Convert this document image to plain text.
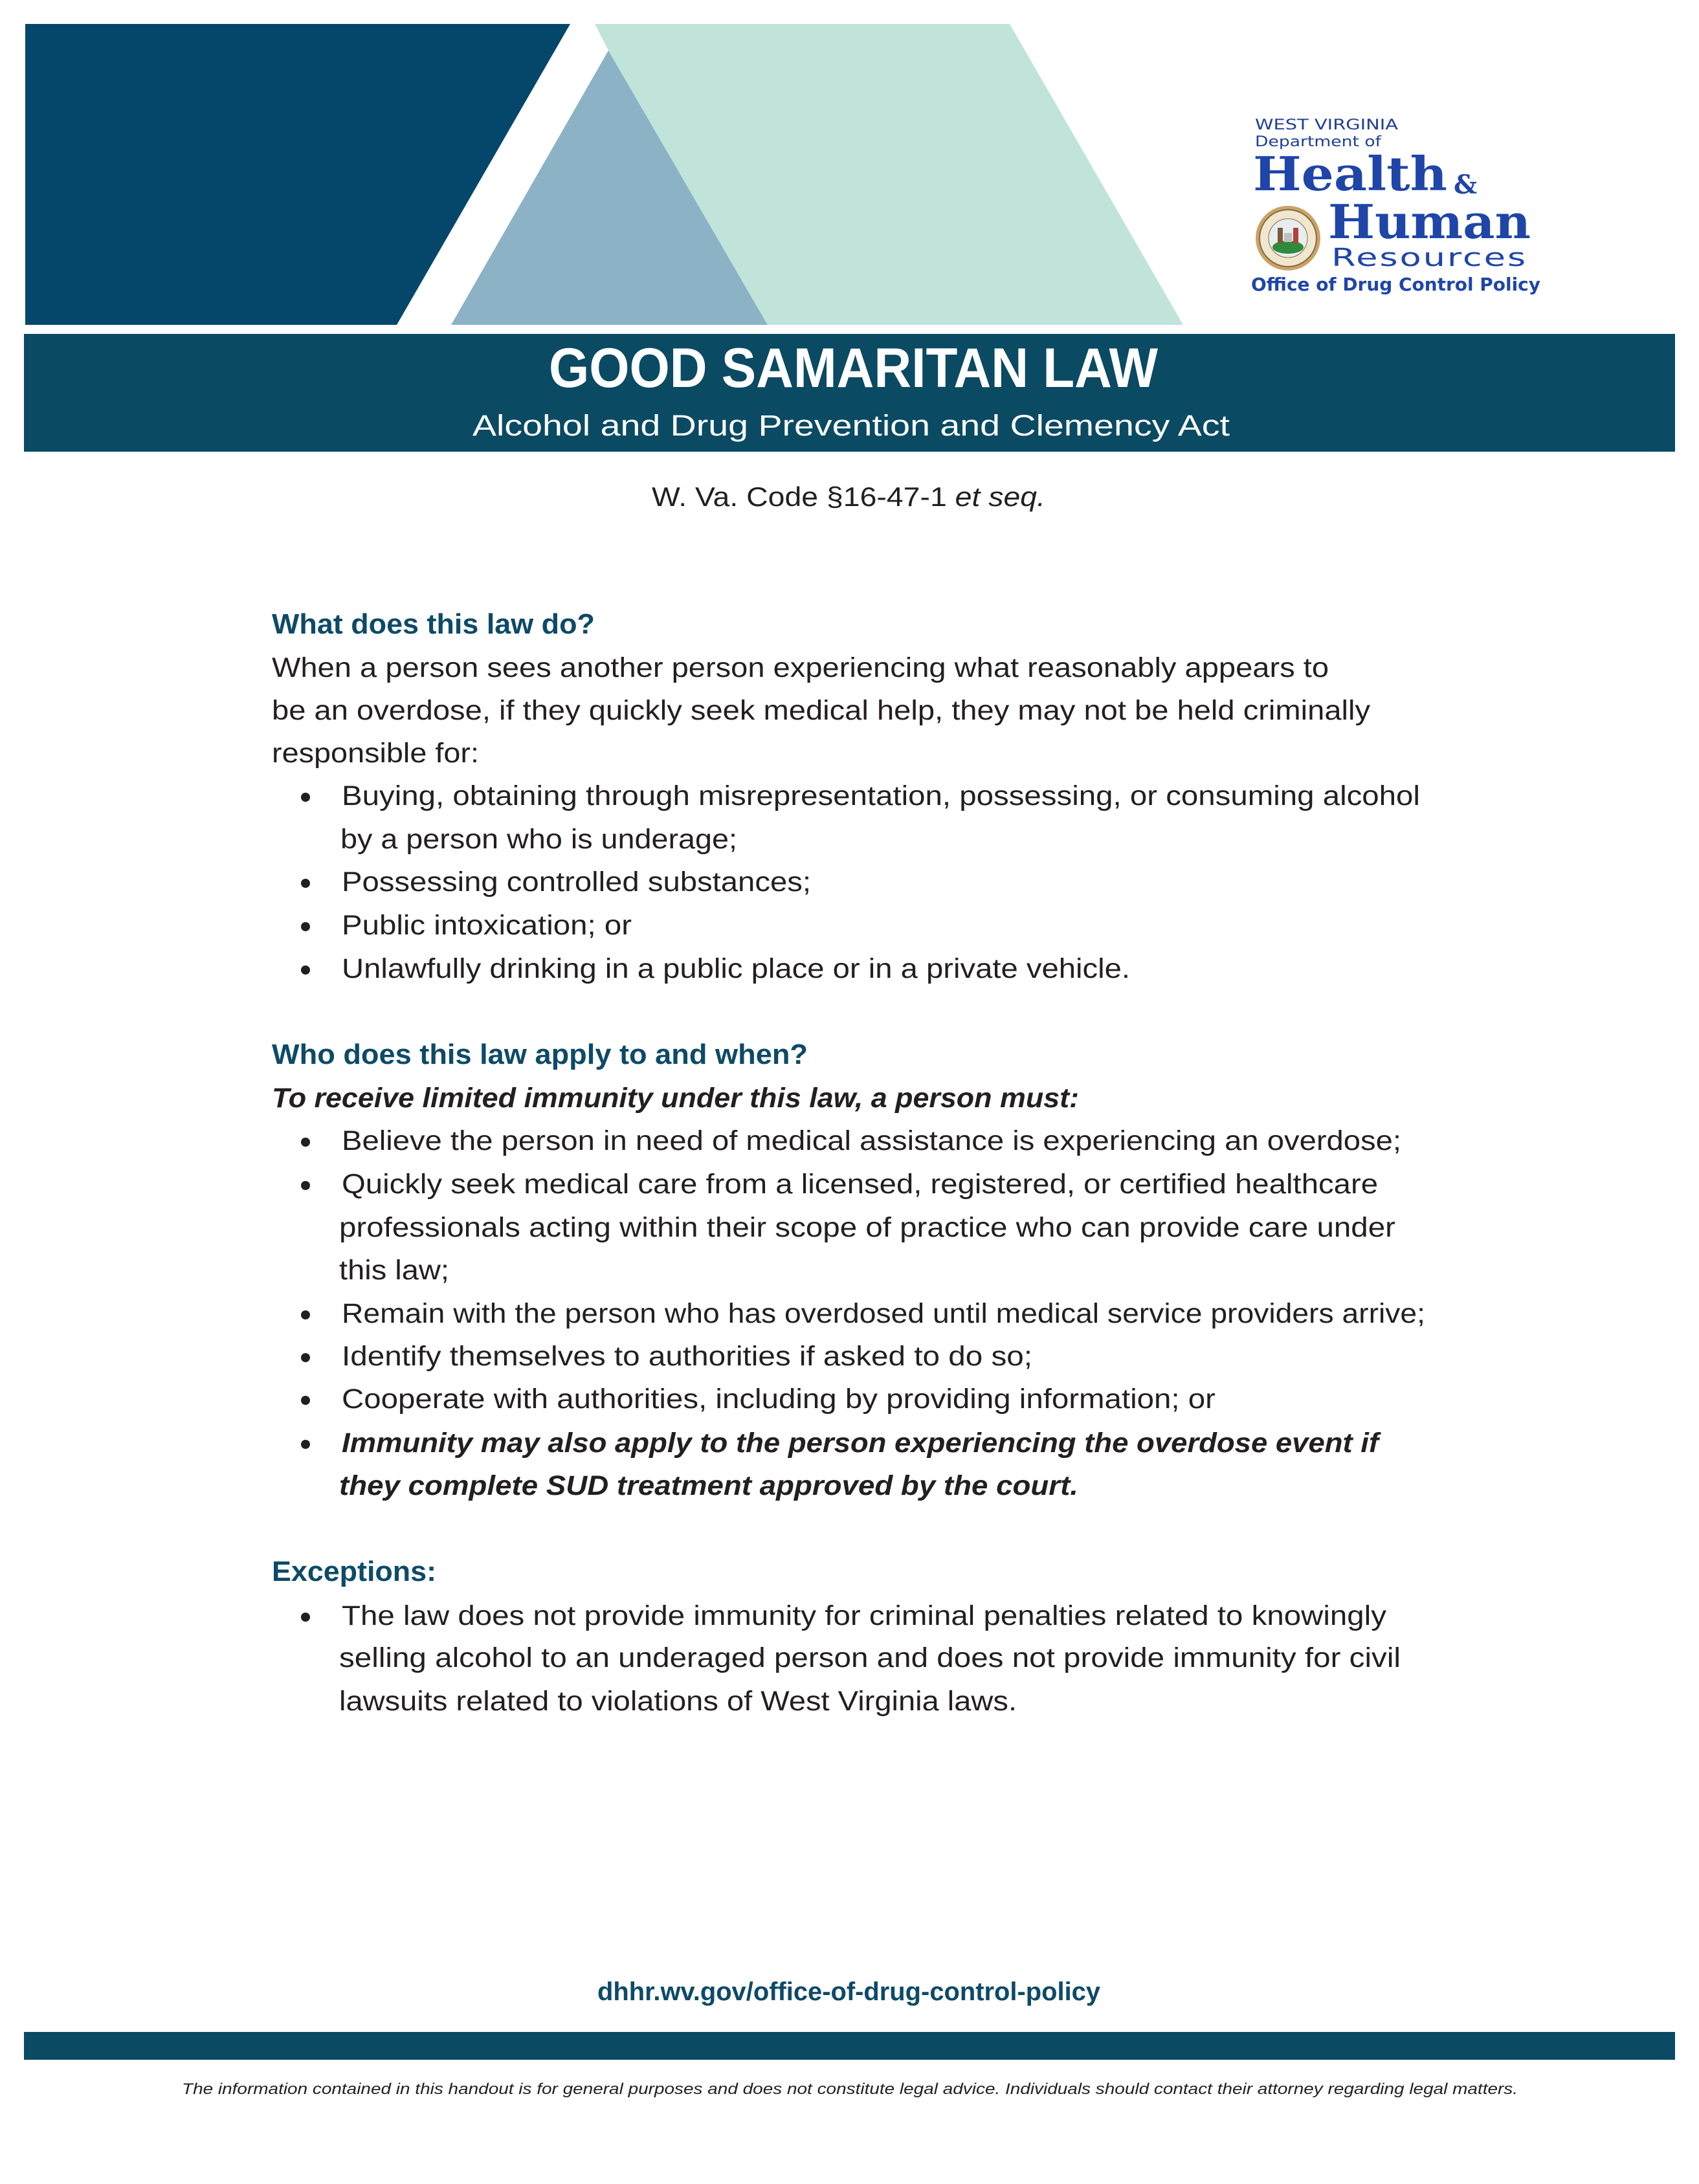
WEST VIRGINIA
Department of
Health &
Human
Resources
Office of Drug Control Policy
GOOD SAMARITAN LAW
Alcohol and Drug Prevention and Clemency Act
W. Va. Code §16-47-1 et seq.
What does this law do?
When a person sees another person experiencing what reasonably appears to
be an overdose, if they quickly seek medical help, they may not be held criminally
responsible for:
Buying, obtaining through misrepresentation, possessing, or consuming alcohol
by a person who is underage;
Possessing controlled substances;
Public intoxication; or
Unlawfully drinking in a public place or in a private vehicle.
Who does this law apply to and when?
To receive limited immunity under this law, a person must:
Believe the person in need of medical assistance is experiencing an overdose;
Quickly seek medical care from a licensed, registered, or certified healthcare
professionals acting within their scope of practice who can provide care under
this law;
Remain with the person who has overdosed until medical service providers arrive;
Identify themselves to authorities if asked to do so;
Cooperate with authorities, including by providing information; or
Immunity may also apply to the person experiencing the overdose event if
they complete SUD treatment approved by the court.
Exceptions:
The law does not provide immunity for criminal penalties related to knowingly
selling alcohol to an underaged person and does not provide immunity for civil
lawsuits related to violations of West Virginia laws.
dhhr.wv.gov/office-of-drug-control-policy
The information contained in this handout is for general purposes and does not constitute legal advice. Individuals should contact their attorney regarding legal matters.
